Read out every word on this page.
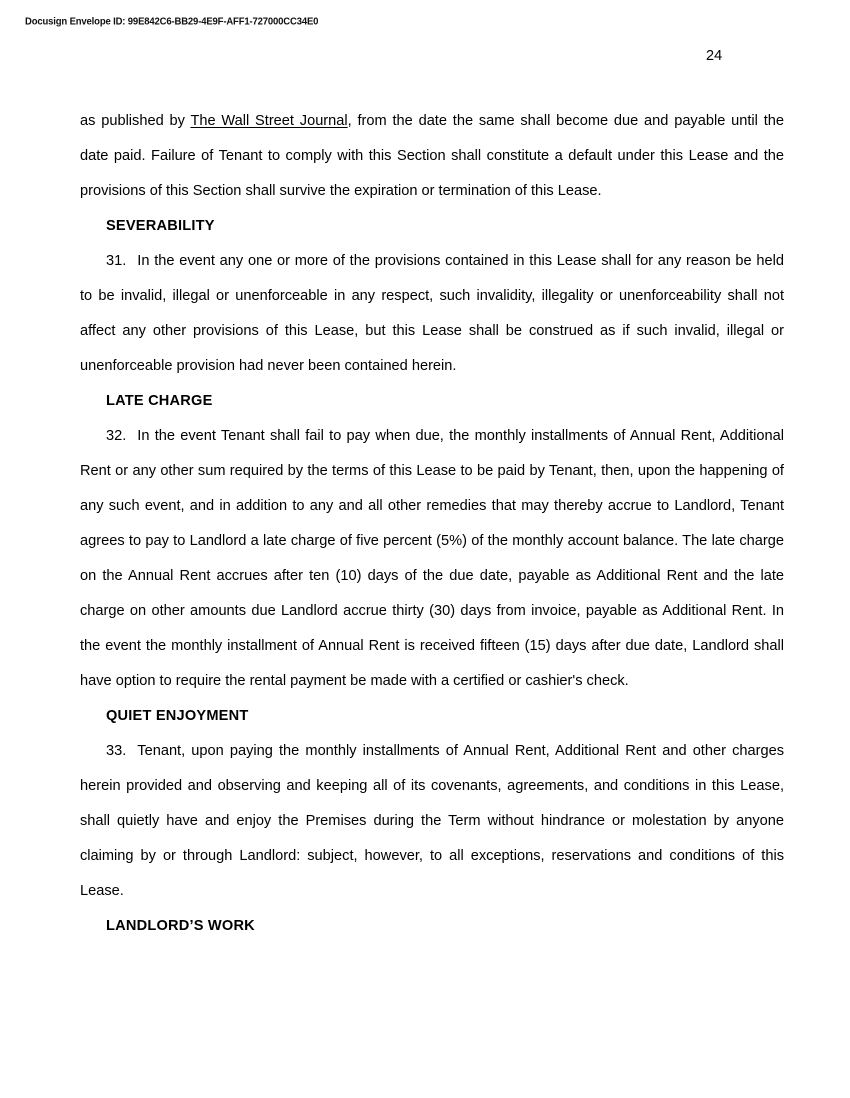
Docusign Envelope ID: 99E842C6-BB29-4E9F-AFF1-727000CC34E0
24

as published by The Wall Street Journal, from the date the same shall become due and payable until the date paid. Failure of Tenant to comply with this Section shall constitute a default under this Lease and the provisions of this Section shall survive the expiration or termination of this Lease.

SEVERABILITY

31. In the event any one or more of the provisions contained in this Lease shall for any reason be held to be invalid, illegal or unenforceable in any respect, such invalidity, illegality or unenforceability shall not affect any other provisions of this Lease, but this Lease shall be construed as if such invalid, illegal or unenforceable provision had never been contained herein.

LATE CHARGE

32. In the event Tenant shall fail to pay when due, the monthly installments of Annual Rent, Additional Rent or any other sum required by the terms of this Lease to be paid by Tenant, then, upon the happening of any such event, and in addition to any and all other remedies that may thereby accrue to Landlord, Tenant agrees to pay to Landlord a late charge of five percent (5%) of the monthly account balance. The late charge on the Annual Rent accrues after ten (10) days of the due date, payable as Additional Rent and the late charge on other amounts due Landlord accrue thirty (30) days from invoice, payable as Additional Rent. In the event the monthly installment of Annual Rent is received fifteen (15) days after due date, Landlord shall have option to require the rental payment be made with a certified or cashier's check.

QUIET ENJOYMENT

33. Tenant, upon paying the monthly installments of Annual Rent, Additional Rent and other charges herein provided and observing and keeping all of its covenants, agreements, and conditions in this Lease, shall quietly have and enjoy the Premises during the Term without hindrance or molestation by anyone claiming by or through Landlord: subject, however, to all exceptions, reservations and conditions of this Lease.

LANDLORD’S WORK
